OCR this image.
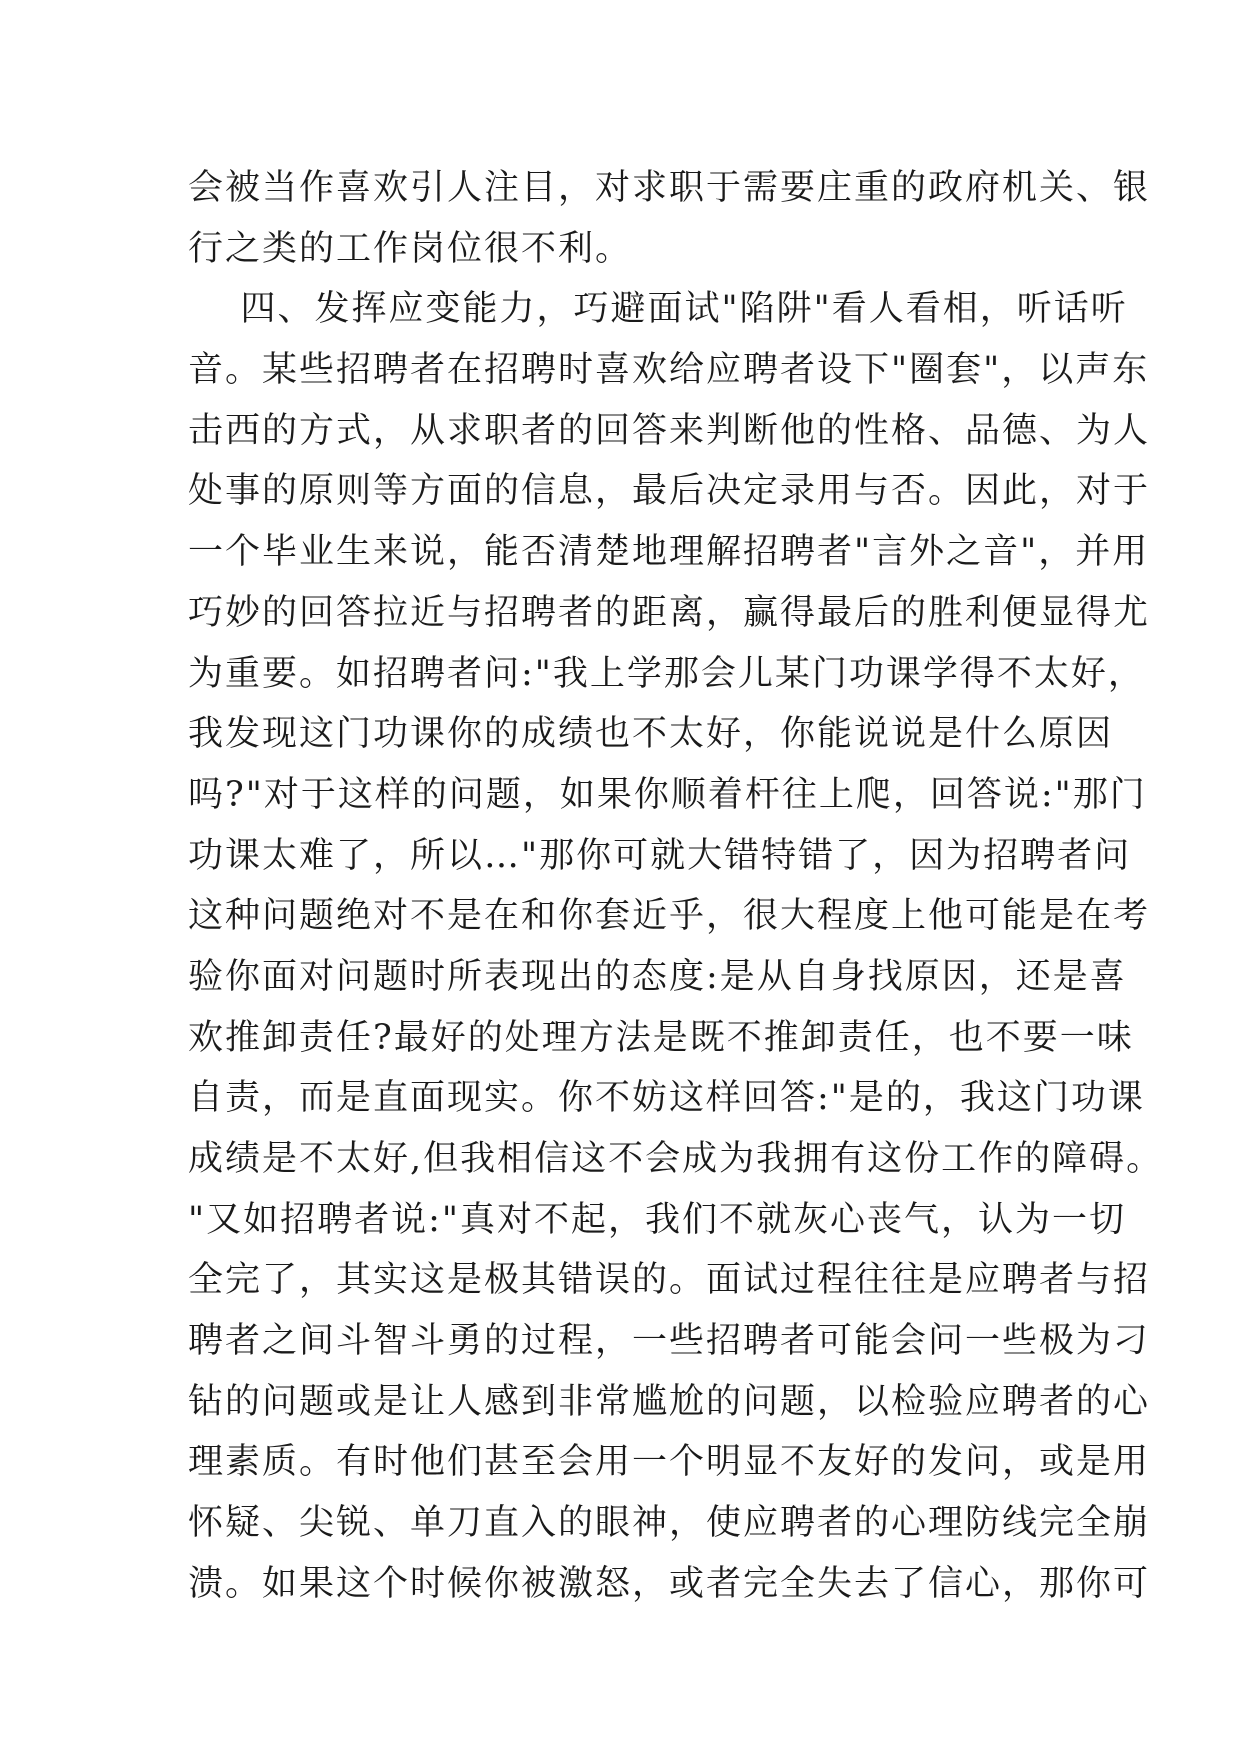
会被当作喜欢引人注目，对求职于需要庄重的政府机关、银
行之类的工作岗位很不利。
四、发挥应变能力，巧避面试"陷阱"看人看相，听话听
音。某些招聘者在招聘时喜欢给应聘者设下"圈套"，以声东
击西的方式，从求职者的回答来判断他的性格、品德、为人
处事的原则等方面的信息，最后决定录用与否。因此，对于
一个毕业生来说，能否清楚地理解招聘者"言外之音"，并用
巧妙的回答拉近与招聘者的距离，赢得最后的胜利便显得尤
为重要。如招聘者问:"我上学那会儿某门功课学得不太好，
我发现这门功课你的成绩也不太好，你能说说是什么原因
吗?"对于这样的问题，如果你顺着杆往上爬，回答说:"那门
功课太难了，所以…"那你可就大错特错了，因为招聘者问
这种问题绝对不是在和你套近乎，很大程度上他可能是在考
验你面对问题时所表现出的态度:是从自身找原因，还是喜
欢推卸责任?最好的处理方法是既不推卸责任，也不要一味
自责，而是直面现实。你不妨这样回答:"是的，我这门功课
成绩是不太好,但我相信这不会成为我拥有这份工作的障碍。
"又如招聘者说:"真对不起，我们不就灰心丧气，认为一切
全完了，其实这是极其错误的。面试过程往往是应聘者与招
聘者之间斗智斗勇的过程，一些招聘者可能会问一些极为刁
钻的问题或是让人感到非常尴尬的问题，以检验应聘者的心
理素质。有时他们甚至会用一个明显不友好的发问，或是用
怀疑、尖锐、单刀直入的眼神，使应聘者的心理防线完全崩
溃。如果这个时候你被激怒，或者完全失去了信心，那你可
